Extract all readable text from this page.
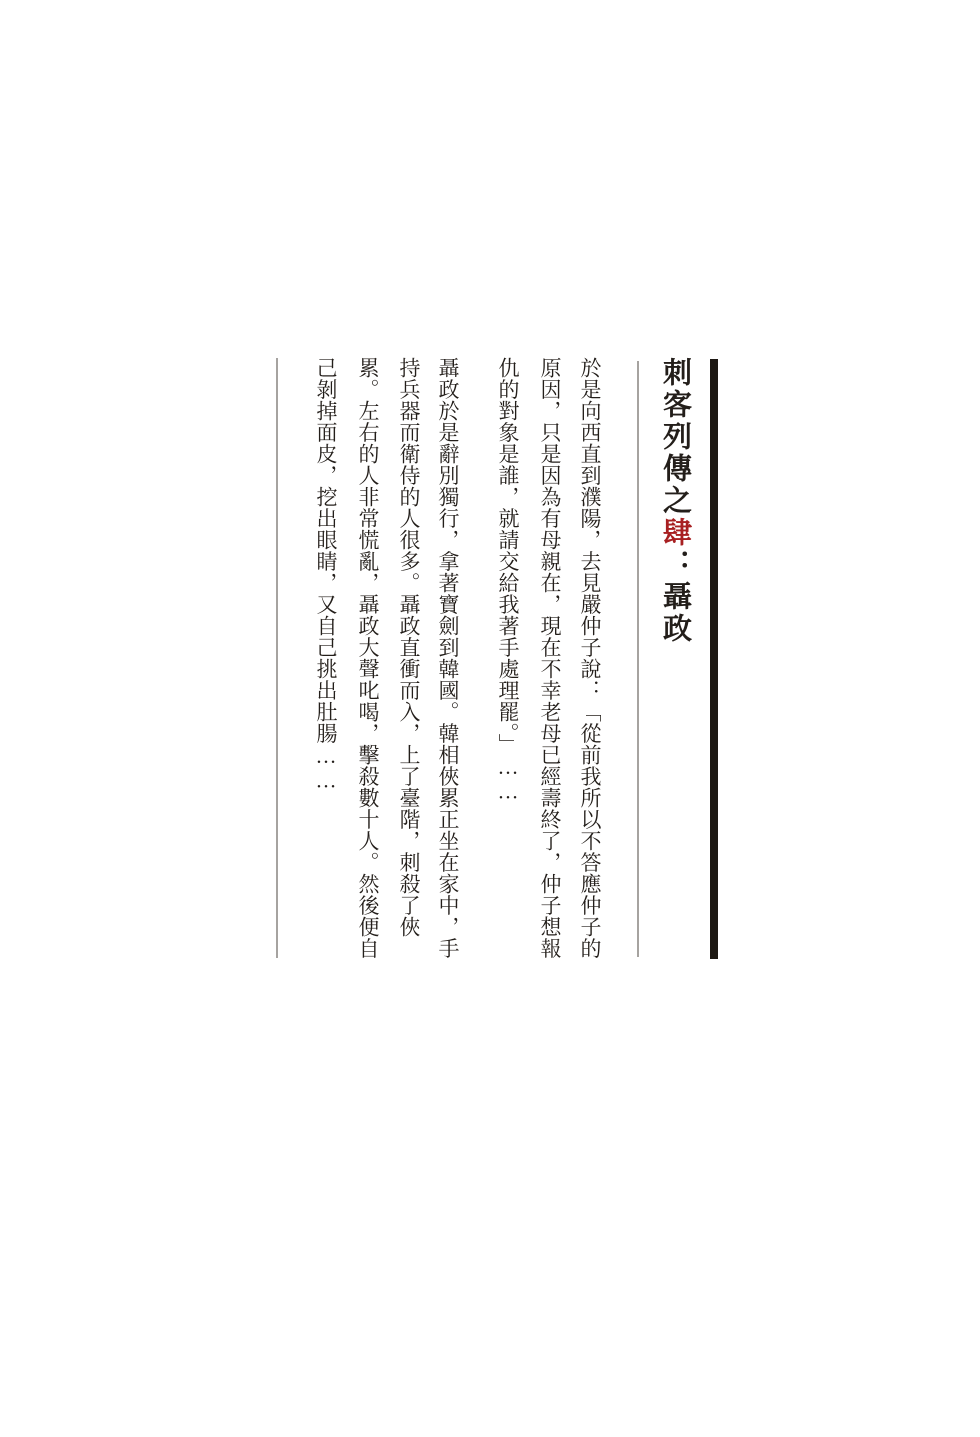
刺客列傳之肆：聶政
於是向西直到濮陽，去見嚴仲子說：「從前我所以不答應仲子的
原因，只是因為有母親在，現在不幸老母已經壽終了，仲子想報
仇的對象是誰，就請交給我著手處理罷。」……
聶政於是辭別獨行，拿著寶劍到韓國。韓相俠累正坐在家中，手
持兵器而衛侍的人很多。聶政直衝而入，上了臺階，刺殺了俠
累。左右的人非常慌亂，聶政大聲叱喝，擊殺數十人。然後便自
己剝掉面皮，挖出眼睛，又自己挑出肚腸……
